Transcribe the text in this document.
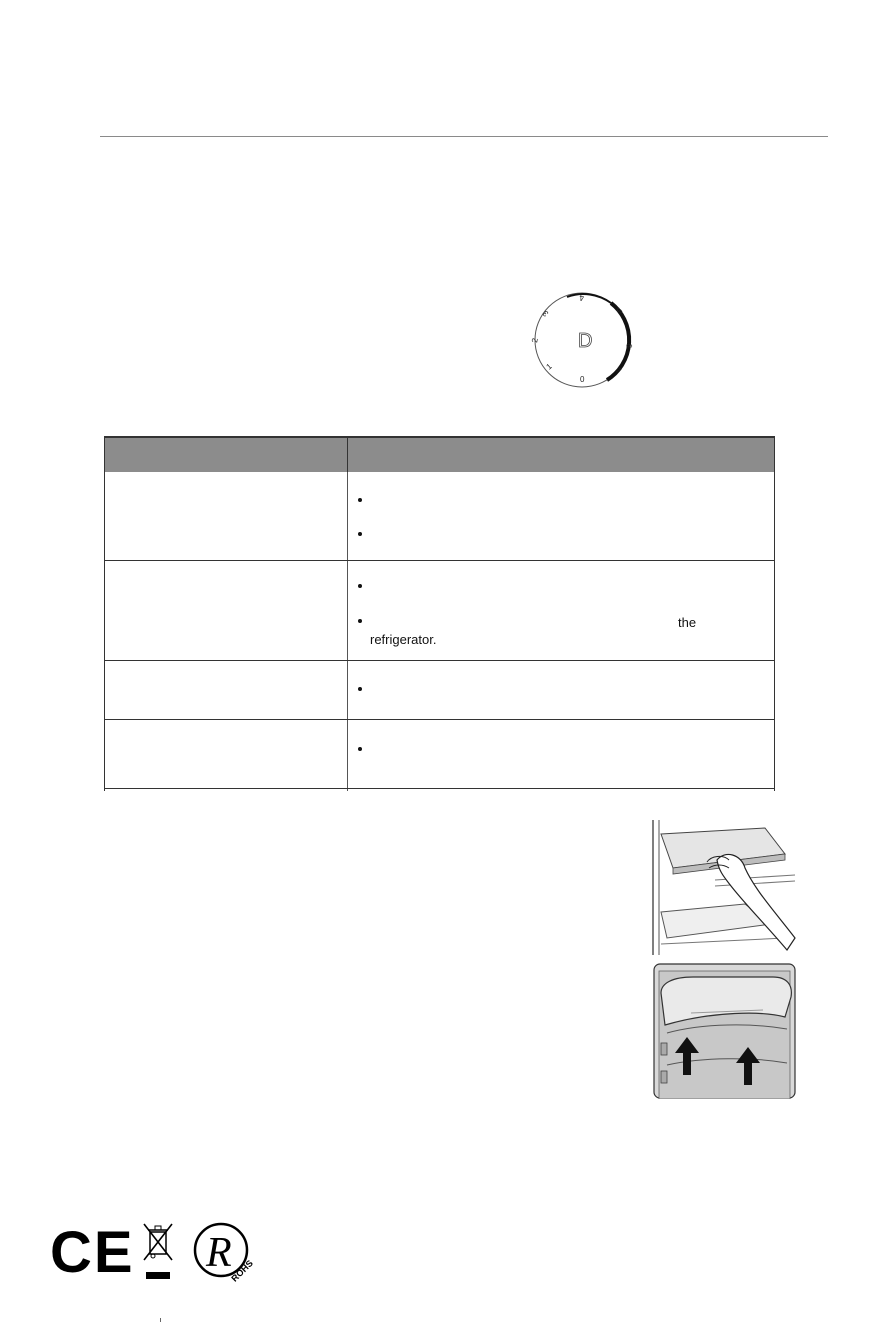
D
0
1
2
3
4
5
6
7
the
refrigerator.
CE R
ROHS
